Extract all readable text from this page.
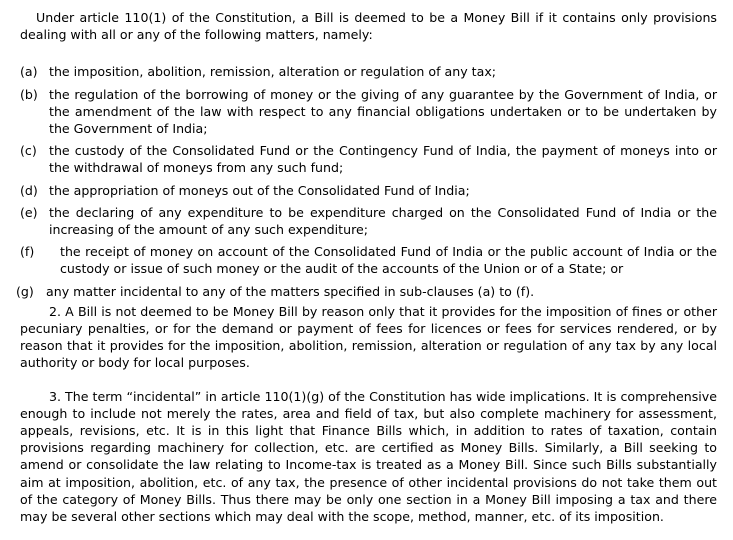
Under article 110(1) of the Constitution, a Bill is deemed to be a Money Bill if it contains only provisions dealing with all or any of the following matters, namely:

(a) the imposition, abolition, remission, alteration or regulation of any tax;
(b) the regulation of the borrowing of money or the giving of any guarantee by the Government of India, or the amendment of the law with respect to any financial obligations undertaken or to be undertaken by the Government of India;
(c) the custody of the Consolidated Fund or the Contingency Fund of India, the payment of moneys into or the withdrawal of moneys from any such fund;
(d) the appropriation of moneys out of the Consolidated Fund of India;
(e) the declaring of any expenditure to be expenditure charged on the Consolidated Fund of India or the increasing of the amount of any such expenditure;
(f)	the receipt of money on account of the Consolidated Fund of India or the public account of India or the custody or issue of such money or the audit of the accounts of the Union or of a State; or
(g) any matter incidental to any of the matters specified in sub-clauses (a) to (f).

2. A Bill is not deemed to be Money Bill by reason only that it provides for the imposition of fines or other pecuniary penalties, or for the demand or payment of fees for licences or fees for services rendered, or by reason that it provides for the imposition, abolition, remission, alteration or regulation of any tax by any local authority or body for local purposes.

3. The term “incidental” in article 110(1)(g) of the Constitution has wide implications. It is comprehensive enough to include not merely the rates, area and field of tax, but also complete machinery for assessment, appeals, revisions, etc. It is in this light that Finance Bills which, in addition to rates of taxation, contain provisions regarding machinery for collection, etc. are certified as Money Bills. Similarly, a Bill seeking to amend or consolidate the law relating to Income-tax is treated as a Money Bill. Since such Bills substantially aim at imposition, abolition, etc. of any tax, the presence of other incidental provisions do not take them out of the category of Money Bills. Thus there may be only one section in a Money Bill imposing a tax and there may be several other sections which may deal with the scope, method, manner, etc. of its imposition.
